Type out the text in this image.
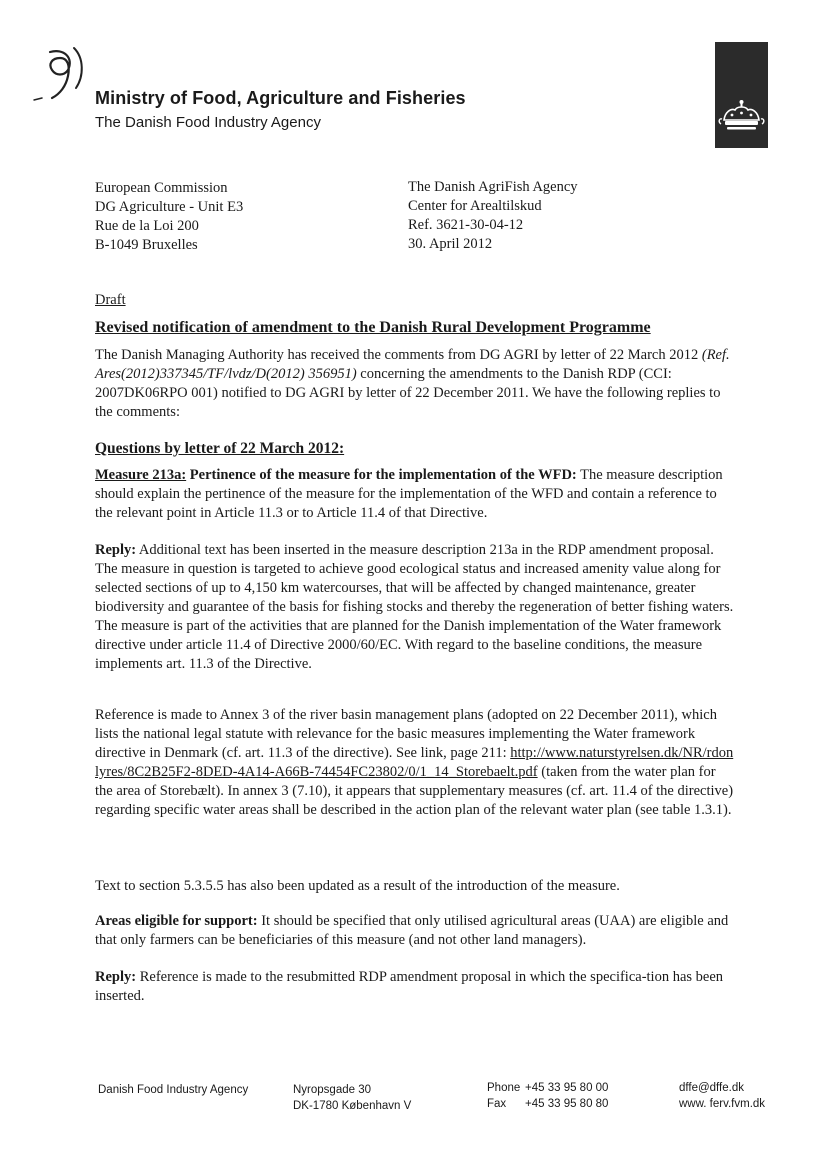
Ministry of Food, Agriculture and Fisheries
The Danish Food Industry Agency
European Commission
DG Agriculture - Unit E3
Rue de la Loi 200
B-1049 Bruxelles
The Danish AgriFish Agency
Center for Arealtilskud
Ref. 3621-30-04-12
30. April 2012
Draft
Revised notification of amendment to the Danish Rural Development Programme
The Danish Managing Authority has received the comments from DG AGRI by letter of 22 March 2012 (Ref. Ares(2012)337345/TF/lvdz/D(2012) 356951) concerning the amendments to the Danish RDP (CCI: 2007DK06RPO 001) notified to DG AGRI by letter of 22 December 2011. We have the following replies to the comments:
Questions by letter of 22 March 2012:
Measure 213a: Pertinence of the measure for the implementation of the WFD: The measure description should explain the pertinence of the measure for the implementation of the WFD and contain a reference to the relevant point in Article 11.3 or to Article 11.4 of that Directive.
Reply: Additional text has been inserted in the measure description 213a in the RDP amendment proposal. The measure in question is targeted to achieve good ecological status and increased amenity value along for selected sections of up to 4,150 km watercourses, that will be affected by changed maintenance, greater biodiversity and guarantee of the basis for fishing stocks and thereby the regeneration of better fishing waters. The measure is part of the activities that are planned for the Danish implementation of the Water framework directive under article 11.4 of Directive 2000/60/EC. With regard to the baseline conditions, the measure implements art. 11.3 of the Directive.
Reference is made to Annex 3 of the river basin management plans (adopted on 22 December 2011), which lists the national legal statute with relevance for the basic measures implementing the Water framework directive in Denmark (cf. art. 11.3 of the directive). See link, page 211: http://www.naturstyrelsen.dk/NR/rdonlyres/8C2B25F2-8DED-4A14-A66B-74454FC23802/0/1_14_Storebaelt.pdf (taken from the water plan for the area of Storebælt). In annex 3 (7.10), it appears that supplementary measures (cf. art. 11.4 of the directive) regarding specific water areas shall be described in the action plan of the relevant water plan (see table 1.3.1).
Text to section 5.3.5.5 has also been updated as a result of the introduction of the measure.
Areas eligible for support: It should be specified that only utilised agricultural areas (UAA) are eligible and that only farmers can be beneficiaries of this measure (and not other land managers).
Reply: Reference is made to the resubmitted RDP amendment proposal in which the specifica-tion has been inserted.
Danish Food Industry Agency	Nyropsgade 30
DK-1780 København V
Phone +45 33 95 80 00
Fax +45 33 95 80 80
dffe@dffe.dk
www. ferv.fvm.dk
